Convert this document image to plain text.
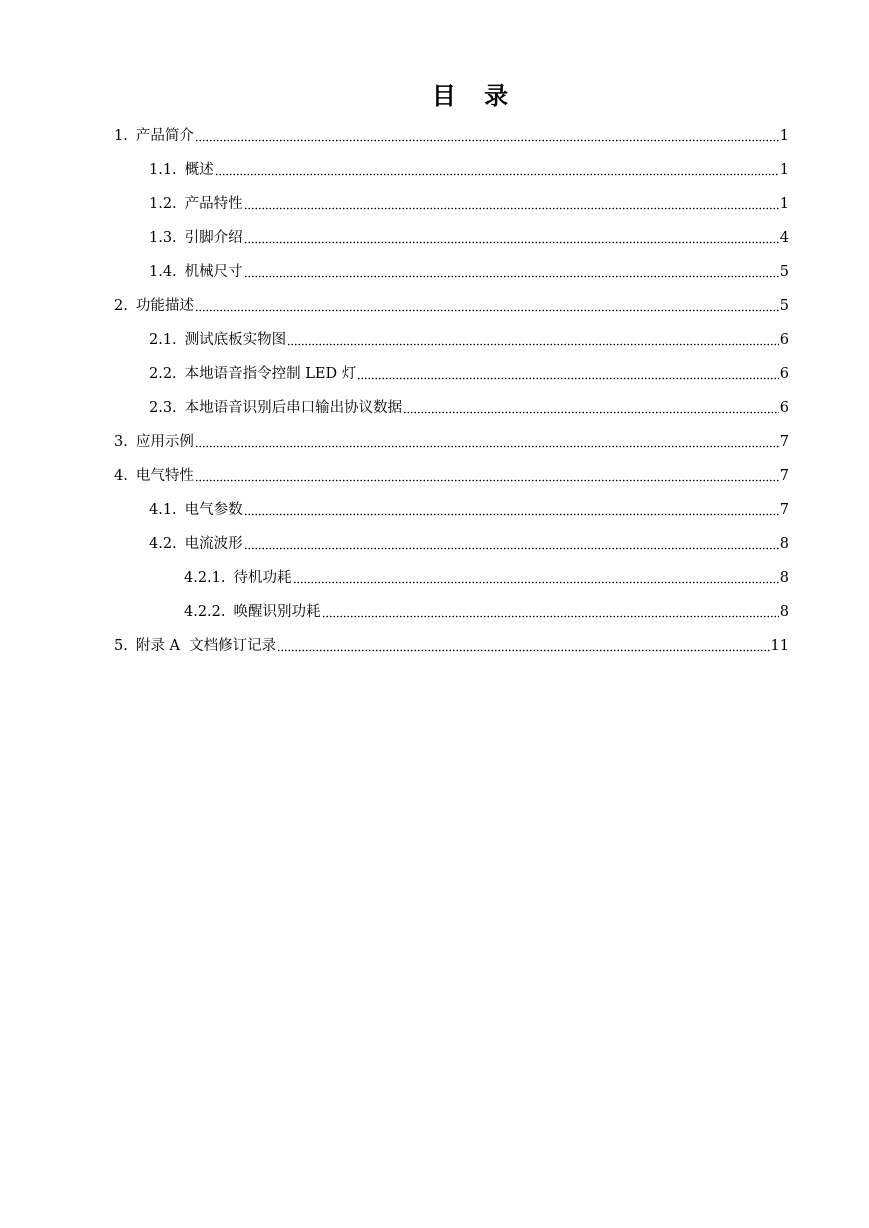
目 录
1. 产品简介	1
1.1. 概述	1
1.2. 产品特性	1
1.3. 引脚介绍	4
1.4. 机械尺寸	5
2. 功能描述	5
2.1. 测试底板实物图	6
2.2. 本地语音指令控制 LED 灯	6
2.3. 本地语音识别后串口输出协议数据	6
3. 应用示例	7
4. 电气特性	7
4.1. 电气参数	7
4.2. 电流波形	8
4.2.1. 待机功耗	8
4.2.2. 唤醒识别功耗	8
5. 附录 A  文档修订记录	11
